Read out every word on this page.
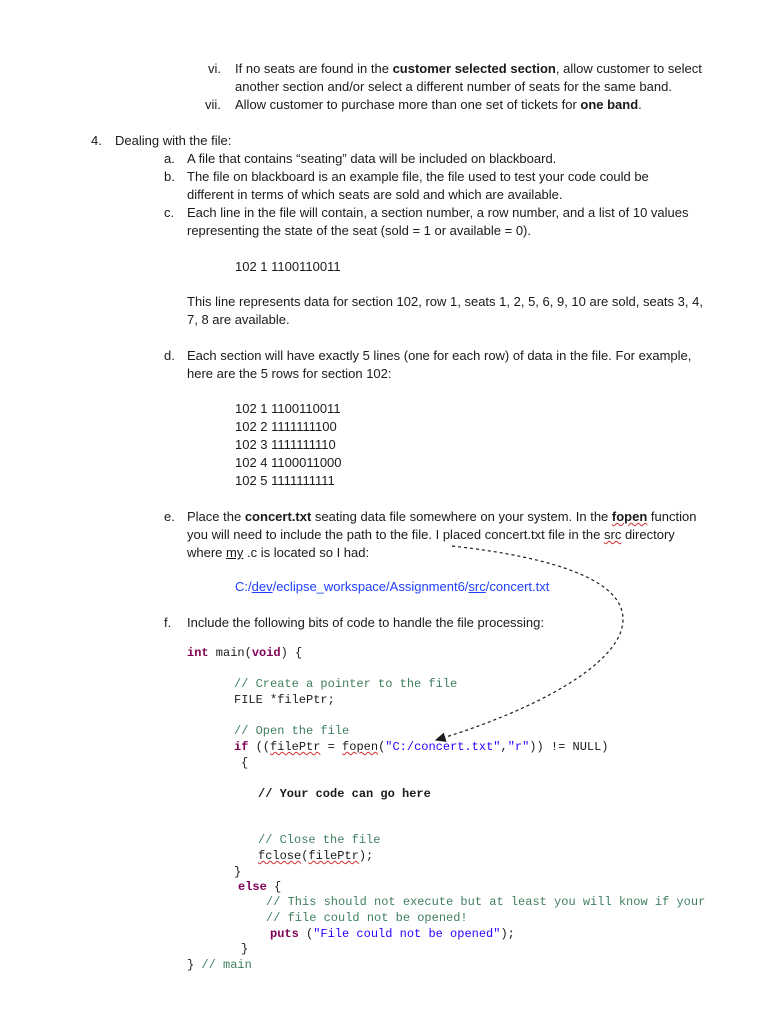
vi. If no seats are found in the customer selected section, allow customer to select
another section and/or select a different number of seats for the same band.
vii. Allow customer to purchase more than one set of tickets for one band.
4. Dealing with the file:
a. A file that contains “seating” data will be included on blackboard.
b. The file on blackboard is an example file, the file used to test your code could be
different in terms of which seats are sold and which are available.
c. Each line in the file will contain, a section number, a row number, and a list of 10 values
representing the state of the seat (sold = 1 or available = 0).
102 1 1100110011
This line represents data for section 102, row 1, seats 1, 2, 5, 6, 9, 10 are sold, seats 3, 4,
7, 8 are available.
d. Each section will have exactly 5 lines (one for each row) of data in the file. For example,
here are the 5 rows for section 102:
102 1 1100110011
102 2 1111111100
102 3 1111111110
102 4 1100011000
102 5 1111111111
e. Place the concert.txt seating data file somewhere on your system. In the fopen function
you will need to include the path to the file. I placed concert.txt file in the src directory
where my .c is located so I had:
C:/dev/eclipse_workspace/Assignment6/src/concert.txt
f. Include the following bits of code to handle the file processing:
int main(void) {
// Create a pointer to the file
FILE *filePtr;
// Open the file
if ((filePtr = fopen("C:/concert.txt","r")) != NULL)
{
// Your code can go here
// Close the file
fclose(filePtr);
}
else {
// This should not execute but at least you will know if your
// file could not be opened!
puts ("File could not be opened");
}
} // main
